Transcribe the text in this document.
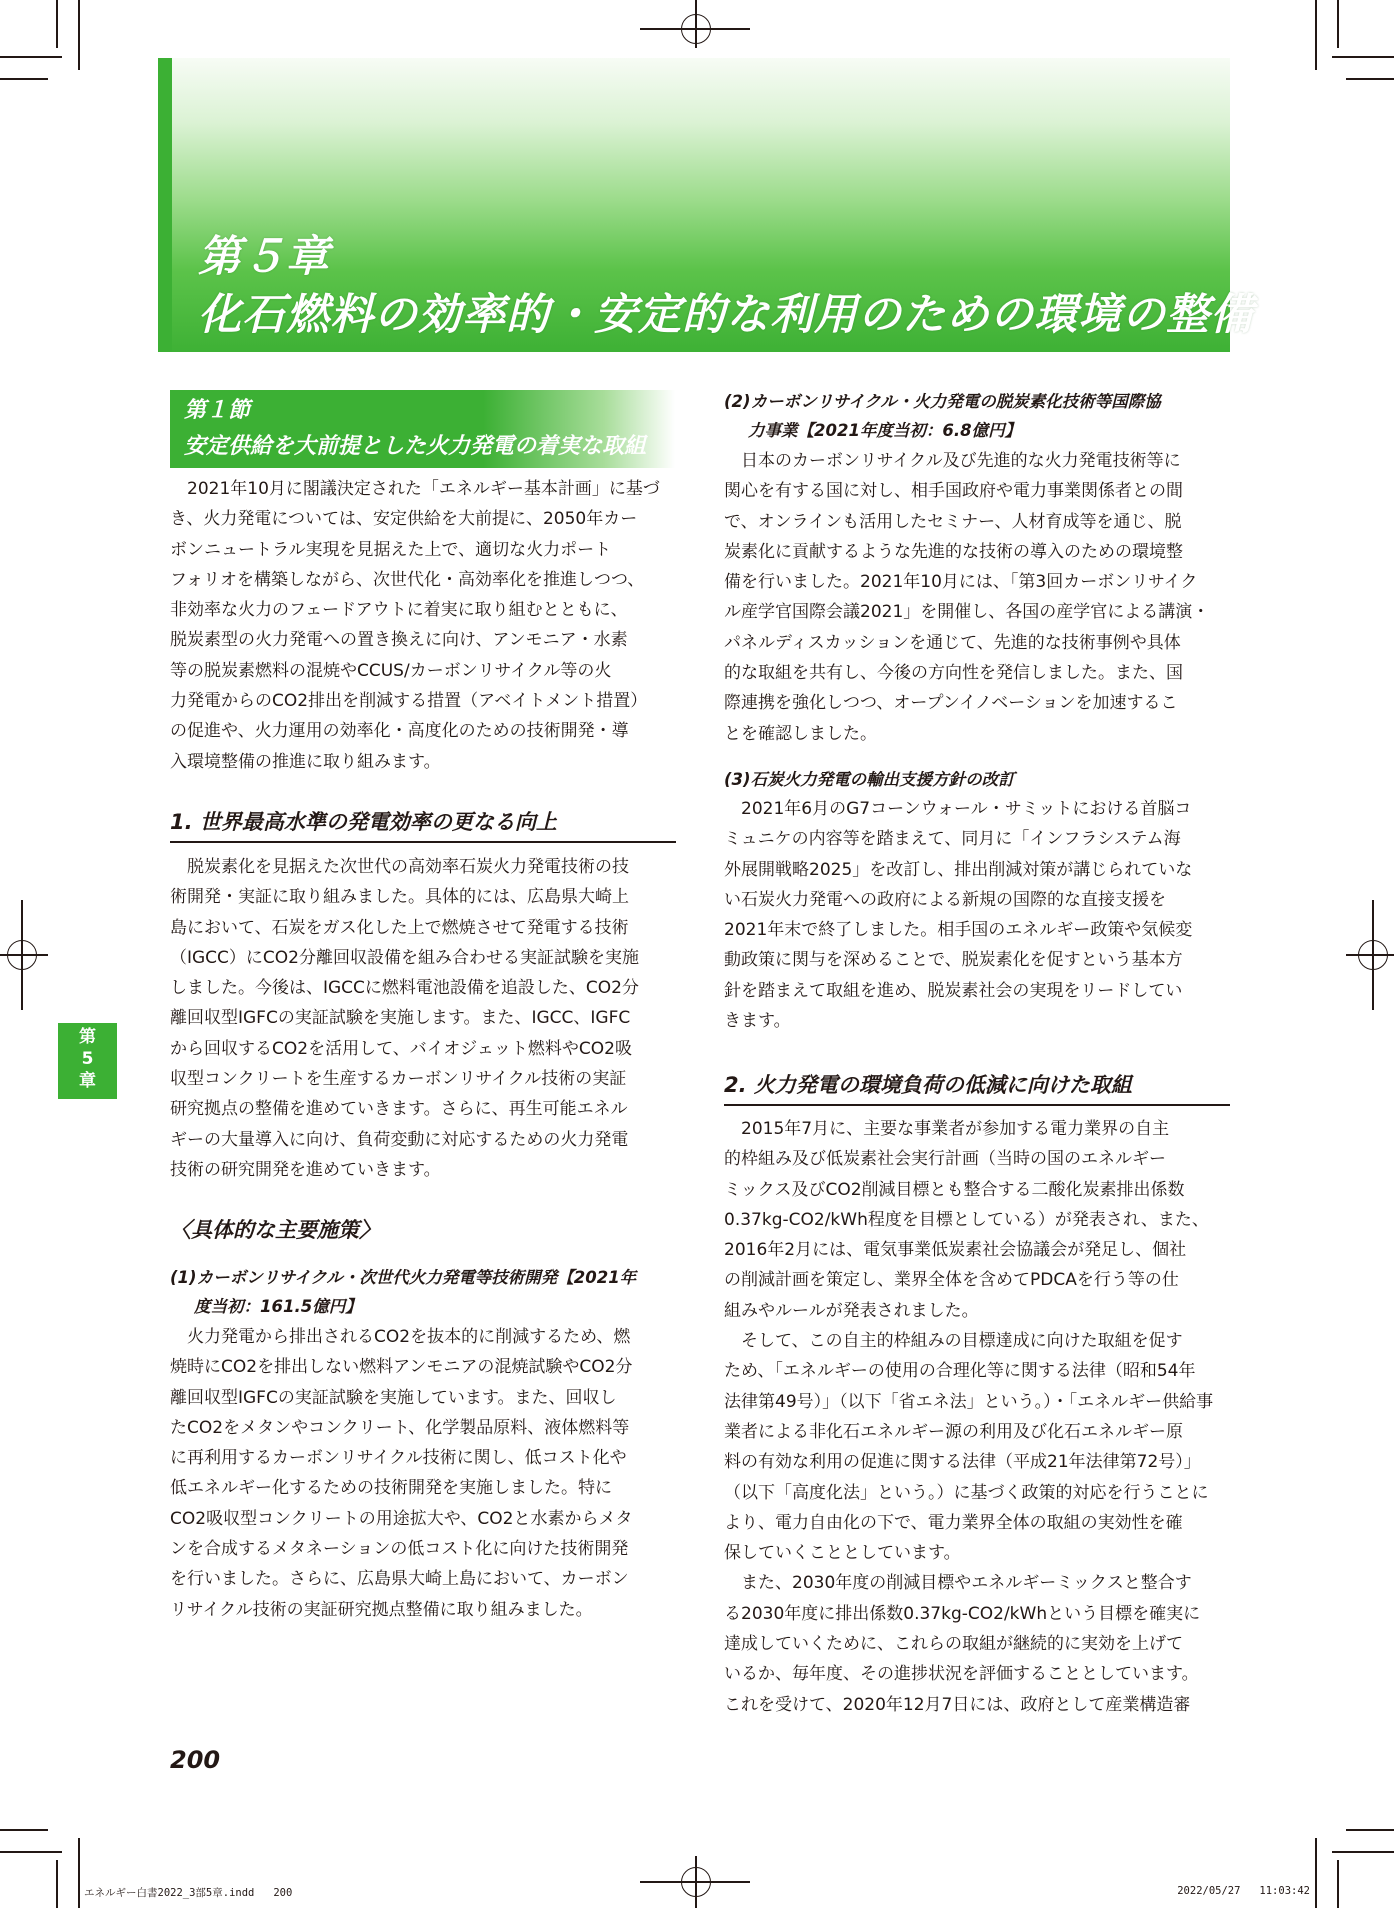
第５章
化石燃料の効率的・安定的な利用のための環境の整備
第１節
安定供給を大前提とした火力発電の着実な取組
第
5
章
2021年10月に閣議決定された「エネルギー基本計画」に基づ
き、火力発電については、安定供給を大前提に、2050年カー
ボンニュートラル実現を見据えた上で、適切な火力ポート
フォリオを構築しながら、次世代化・高効率化を推進しつつ、
非効率な火力のフェードアウトに着実に取り組むとともに、
脱炭素型の火力発電への置き換えに向け、アンモニア・水素
等の脱炭素燃料の混焼やCCUS/カーボンリサイクル等の火
力発電からのCO2排出を削減する措置（アベイトメント措置）
の促進や、火力運用の効率化・高度化のための技術開発・導
入環境整備の推進に取り組みます。
1. 世界最高水準の発電効率の更なる向上
脱炭素化を見据えた次世代の高効率石炭火力発電技術の技
術開発・実証に取り組みました。具体的には、広島県大崎上
島において、石炭をガス化した上で燃焼させて発電する技術
（IGCC）にCO2分離回収設備を組み合わせる実証試験を実施
しました。今後は、IGCCに燃料電池設備を追設した、CO2分
離回収型IGFCの実証試験を実施します。また、IGCC、IGFC
から回収するCO2を活用して、バイオジェット燃料やCO2吸
収型コンクリートを生産するカーボンリサイクル技術の実証
研究拠点の整備を進めていきます。さらに、再生可能エネル
ギーの大量導入に向け、負荷変動に対応するための火力発電
技術の研究開発を進めていきます。
〈具体的な主要施策〉
(1)カーボンリサイクル・次世代火力発電等技術開発【2021年
度当初：161.5億円】
火力発電から排出されるCO2を抜本的に削減するため、燃
焼時にCO2を排出しない燃料アンモニアの混焼試験やCO2分
離回収型IGFCの実証試験を実施しています。また、回収し
たCO2をメタンやコンクリート、化学製品原料、液体燃料等
に再利用するカーボンリサイクル技術に関し、低コスト化や
低エネルギー化するための技術開発を実施しました。特に
CO2吸収型コンクリートの用途拡大や、CO2と水素からメタ
ンを合成するメタネーションの低コスト化に向けた技術開発
を行いました。さらに、広島県大崎上島において、カーボン
リサイクル技術の実証研究拠点整備に取り組みました。
(2)カーボンリサイクル・火力発電の脱炭素化技術等国際協
力事業【2021年度当初：6.8億円】
日本のカーボンリサイクル及び先進的な火力発電技術等に
関心を有する国に対し、相手国政府や電力事業関係者との間
で、オンラインも活用したセミナー、人材育成等を通じ、脱
炭素化に貢献するような先進的な技術の導入のための環境整
備を行いました。2021年10月には、「第3回カーボンリサイク
ル産学官国際会議2021」を開催し、各国の産学官による講演・
パネルディスカッションを通じて、先進的な技術事例や具体
的な取組を共有し、今後の方向性を発信しました。また、国
際連携を強化しつつ、オープンイノベーションを加速するこ
とを確認しました。
(3)石炭火力発電の輸出支援方針の改訂
2021年6月のG7コーンウォール・サミットにおける首脳コ
ミュニケの内容等を踏まえて、同月に「インフラシステム海
外展開戦略2025」を改訂し、排出削減対策が講じられていな
い石炭火力発電への政府による新規の国際的な直接支援を
2021年末で終了しました。相手国のエネルギー政策や気候変
動政策に関与を深めることで、脱炭素化を促すという基本方
針を踏まえて取組を進め、脱炭素社会の実現をリードしてい
きます。
2. 火力発電の環境負荷の低減に向けた取組
2015年7月に、主要な事業者が参加する電力業界の自主
的枠組み及び低炭素社会実行計画（当時の国のエネルギー
ミックス及びCO2削減目標とも整合する二酸化炭素排出係数
0.37kg-CO2/kWh程度を目標としている）が発表され、また、
2016年2月には、電気事業低炭素社会協議会が発足し、個社
の削減計画を策定し、業界全体を含めてPDCAを行う等の仕
組みやルールが発表されました。
そして、この自主的枠組みの目標達成に向けた取組を促す
ため、「エネルギーの使用の合理化等に関する法律（昭和54年
法律第49号）」（以下「省エネ法」という。）・「エネルギー供給事
業者による非化石エネルギー源の利用及び化石エネルギー原
料の有効な利用の促進に関する法律（平成21年法律第72号）」
（以下「高度化法」という。）に基づく政策的対応を行うことに
より、電力自由化の下で、電力業界全体の取組の実効性を確
保していくこととしています。
また、2030年度の削減目標やエネルギーミックスと整合す
る2030年度に排出係数0.37kg-CO2/kWhという目標を確実に
達成していくために、これらの取組が継続的に実効を上げて
いるか、毎年度、その進捗状況を評価することとしています。
これを受けて、2020年12月7日には、政府として産業構造審
200
エネルギー白書2022_3部5章.indd   200	2022/05/27   11:03:42
